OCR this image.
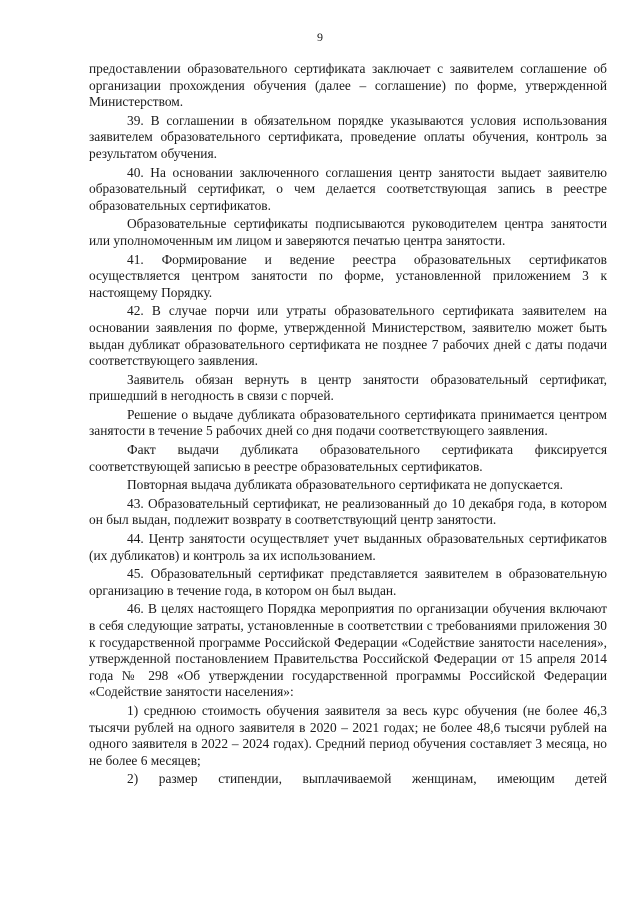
9

предоставлении образовательного сертификата заключает с заявителем соглашение об организации прохождения обучения (далее – соглашение) по форме, утвержденной Министерством.

39. В соглашении в обязательном порядке указываются условия использования заявителем образовательного сертификата, проведение оплаты обучения, контроль за результатом обучения.

40. На основании заключенного соглашения центр занятости выдает заявителю образовательный сертификат, о чем делается соответствующая запись в реестре образовательных сертификатов.

Образовательные сертификаты подписываются руководителем центра занятости или уполномоченным им лицом и заверяются печатью центра занятости.

41. Формирование и ведение реестра образовательных сертификатов осуществляется центром занятости по форме, установленной приложением 3 к настоящему Порядку.

42. В случае порчи или утраты образовательного сертификата заявителем на основании заявления по форме, утвержденной Министерством, заявителю может быть выдан дубликат образовательного сертификата не позднее 7 рабочих дней с даты подачи соответствующего заявления.

Заявитель обязан вернуть в центр занятости образовательный сертификат, пришедший в негодность в связи с порчей.

Решение о выдаче дубликата образовательного сертификата принимается центром занятости в течение 5 рабочих дней со дня подачи соответствующего заявления.

Факт выдачи дубликата образовательного сертификата фиксируется соответствующей записью в реестре образовательных сертификатов.

Повторная выдача дубликата образовательного сертификата не допускается.

43. Образовательный сертификат, не реализованный до 10 декабря года, в котором он был выдан, подлежит возврату в соответствующий центр занятости.

44. Центр занятости осуществляет учет выданных образовательных сертификатов (их дубликатов) и контроль за их использованием.

45. Образовательный сертификат представляется заявителем в образовательную организацию в течение года, в котором он был выдан.

46. В целях настоящего Порядка мероприятия по организации обучения включают в себя следующие затраты, установленные в соответствии с требованиями приложения 30 к государственной программе Российской Федерации «Содействие занятости населения», утвержденной постановлением Правительства Российской Федерации от 15 апреля 2014 года № 298 «Об утверждении государственной программы Российской Федерации «Содействие занятости населения»:

1) среднюю стоимость обучения заявителя за весь курс обучения (не более 46,3 тысячи рублей на одного заявителя в 2020 – 2021 годах; не более 48,6 тысячи рублей на одного заявителя в 2022 – 2024 годах). Средний период обучения составляет 3 месяца, но не более 6 месяцев;

2) размер стипендии, выплачиваемой женщинам, имеющим детей
